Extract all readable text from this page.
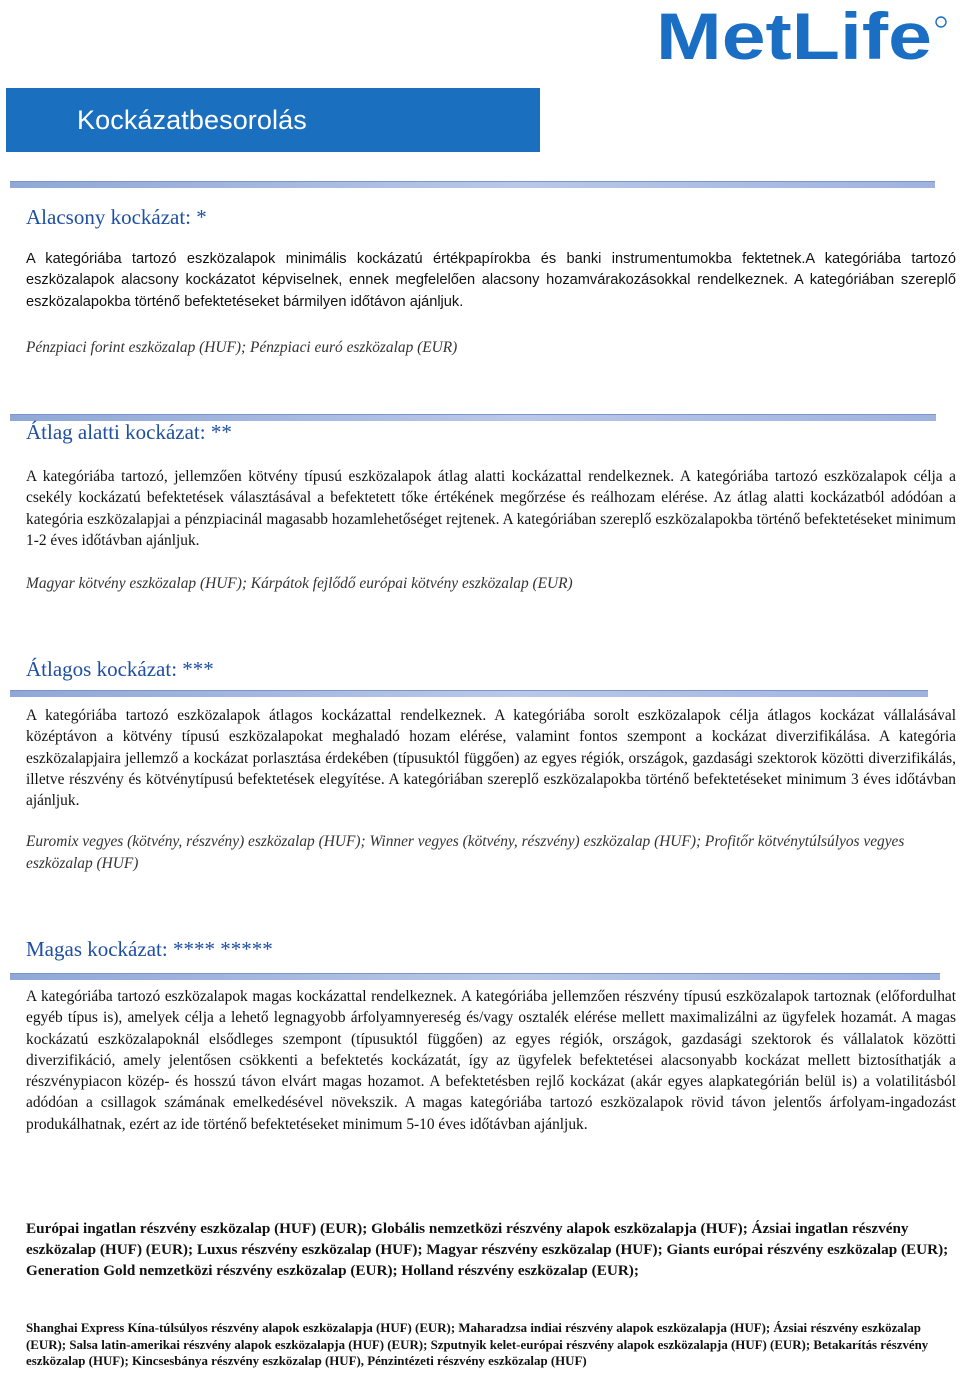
MetLife
Kockázatbesorolás
Alacsony kockázat: *

A kategóriába tartozó eszközalapok minimális kockázatú értékpapírokba és banki instrumentumokba fektetnek.A kategóriába tartozó eszközalapok alacsony kockázatot képviselnek, ennek megfelelően alacsony hozamvárakozásokkal rendelkeznek. A kategóriában szereplő eszközalapokba történő befektetéseket bármilyen időtávon ajánljuk.

Pénzpiaci forint eszközalap (HUF); Pénzpiaci euró eszközalap (EUR)

Átlag alatti kockázat: **

A kategóriába tartozó, jellemzően kötvény típusú eszközalapok átlag alatti kockázattal rendelkeznek. A kategóriába tartozó eszközalapok célja a csekély kockázatú befektetések választásával a befektetett tőke értékének megőrzése és reálhozam elérése. Az átlag alatti kockázatból adódóan a kategória eszközalapjai a pénzpiacinál magasabb hozamlehetőséget rejtenek. A kategóriában szereplő eszközalapokba történő befektetéseket minimum 1-2 éves időtávban ajánljuk.

Magyar kötvény eszközalap (HUF); Kárpátok fejlődő európai kötvény eszközalap (EUR)

Átlagos kockázat: ***

A kategóriába tartozó eszközalapok átlagos kockázattal rendelkeznek. A kategóriába sorolt eszközalapok célja átlagos kockázat vállalásával középtávon a kötvény típusú eszközalapokat meghaladó hozam elérése, valamint fontos szempont a kockázat diverzifikálása. A kategória eszközalapjaira jellemző a kockázat porlasztása érdekében (típusuktól függően) az egyes régiók, országok, gazdasági szektorok közötti diverzifikálás, illetve részvény és kötvénytípusú befektetések elegyítése. A kategóriában szereplő eszközalapokba történő befektetéseket minimum 3 éves időtávban ajánljuk.

Euromix vegyes (kötvény, részvény) eszközalap (HUF); Winner vegyes (kötvény, részvény) eszközalap (HUF); Profitőr kötvénytúlsúlyos vegyes eszközalap (HUF)

Magas kockázat: **** *****

A kategóriába tartozó eszközalapok magas kockázattal rendelkeznek. A kategóriába jellemzően részvény típusú eszközalapok tartoznak (előfordulhat egyéb típus is), amelyek célja a lehető legnagyobb árfolyamnyereség és/vagy osztalék elérése mellett maximalizálni az ügyfelek hozamát. A magas kockázatú eszközalapoknál elsődleges szempont (típusuktól függően) az egyes régiók, országok, gazdasági szektorok és vállalatok közötti diverzifikáció, amely jelentősen csökkenti a befektetés kockázatát, így az ügyfelek befektetései alacsonyabb kockázat mellett biztosíthatják a részvénypiacon közép- és hosszú távon elvárt magas hozamot. A befektetésben rejlő kockázat (akár egyes alapkategórián belül is) a volatilitásból adódóan a csillagok számának emelkedésével növekszik. A magas kategóriába tartozó eszközalapok rövid távon jelentős árfolyam-ingadozást produkálhatnak, ezért az ide történő befektetéseket minimum 5-10 éves időtávban ajánljuk.

Európai ingatlan részvény eszközalap (HUF) (EUR); Globális nemzetközi részvény alapok eszközalapja (HUF); Ázsiai ingatlan részvény eszközalap (HUF) (EUR); Luxus részvény eszközalap (HUF); Magyar részvény eszközalap (HUF); Giants európai részvény eszközalap (EUR); Generation Gold nemzetközi részvény eszközalap (EUR); Holland részvény eszközalap (EUR);

Shanghai Express Kína-túlsúlyos részvény alapok eszközalapja (HUF) (EUR); Maharadzsa indiai részvény alapok eszközalapja (HUF); Ázsiai részvény eszközalap (EUR); Salsa latin-amerikai részvény alapok eszközalapja (HUF) (EUR); Szputnyik kelet-európai részvény alapok eszközalapja (HUF) (EUR); Betakarítás részvény eszközalap (HUF); Kincsesbánya részvény eszközalap (HUF), Pénzintézeti részvény eszközalap (HUF)
